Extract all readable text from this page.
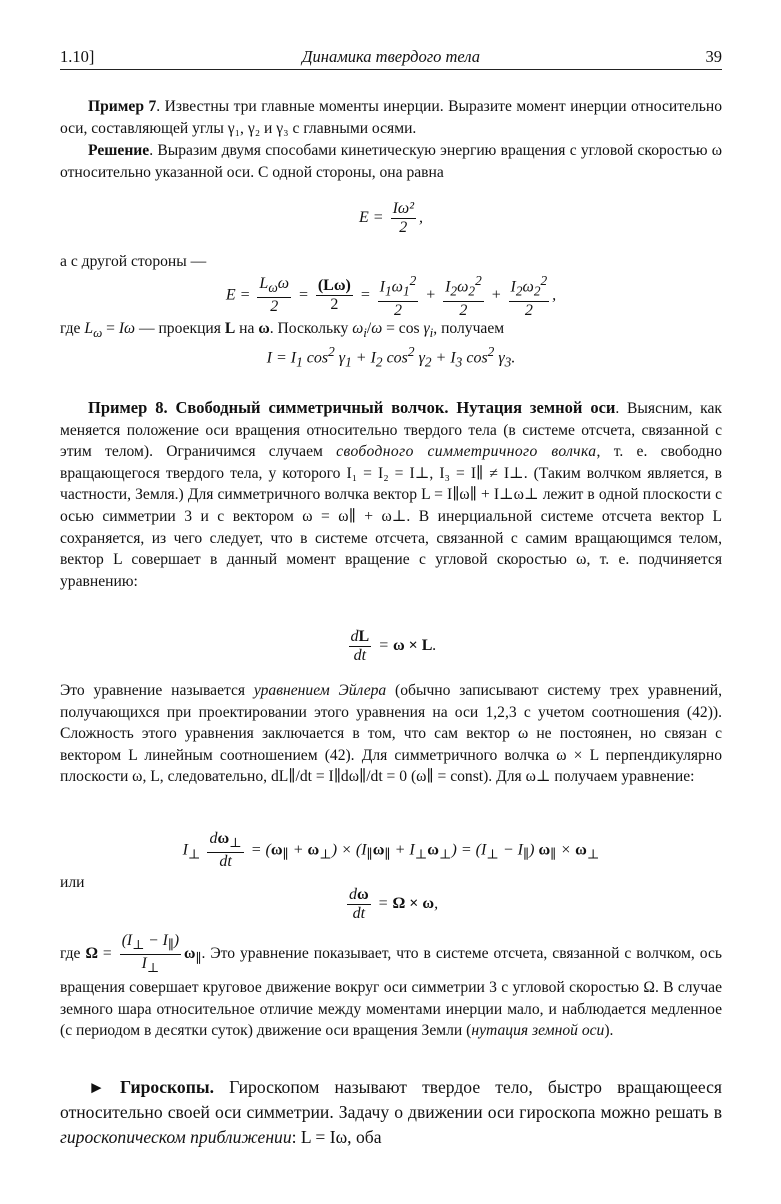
1.10]	Динамика твердого тела	39
Пример 7. Известны три главные моменты инерции. Выразите момент инерции относительно оси, составляющей углы γ₁, γ₂ и γ₃ с главными осями.
Решение. Выразим двумя способами кинетическую энергию вращения с угловой скоростью ω относительно указанной оси. С одной стороны, она равна
$E = \frac{\text{Iω²}}{2}$ ,
а с другой стороны —
$E = \frac{L_\omega\omega}{2} = \frac{(L\omega)}{2} = \frac{I_1\omega_1^2}{2} + \frac{I_2\omega_2^2}{2} + \frac{I_2\omega_2^2}{2}$ ,
где $L_\omega = I\omega$ — проекция L на ω. Поскольку $\omega_i/\omega = \cos \gamma_i$, получаем
$I = I_1$ $\cos^2 \gamma_1 + I_2$ $\cos^2 \gamma_2 + I_3$ $\cos^2 \gamma_3$.
Пример 8. Свободный симметричный волчок. Нутация земной оси. Выясним, как меняется положение оси вращения относительно твердого тела (в системе отсчета, связанной с этим телом). Ограничимся случаем свободного симметричного волчка, т. е. свободно вращающегося твердого тела, у которого I₁ = I₂ = I⊥, I₃ = I∥ ≠ I⊥. (Таким волчком является, в частности, Земля.) Для симметричного волчка вектор L = I∥ω∥ + I⊥ω⊥ лежит в одной плоскости с осью симметрии 3 и с вектором ω = ω∥ + ω⊥. В инерциальной системе отсчета вектор L сохраняется, из чего следует, что в системе отсчета, связанной с самим вращающимся телом, вектор L совершает в данный момент вращение с угловой скоростью ω, т. е. подчиняется уравнению:
$\frac{dL}{dt} = \omega \times L$.
Это уравнение называется уравнением Эйлера (обычно записывают систему трех уравнений, получающихся при проектировании этого уравнения на оси 1,2,3 с учетом соотношения (42)). Сложность этого уравнения заключается в том, что сам вектор ω не постоянен, но связан с вектором L линейным соотношением (42). Для симметричного волчка ω × L перпендикулярно плоскости ω, L, следовательно, dL∥/dt = I∥dω∥/dt = 0 (ω∥ = const). Для ω⊥ получаем уравнение:
$I_\perp \frac{d\omega_\perp}{dt} = (\omega_\parallel + \omega_\perp) \times (I_\parallel\omega_\parallel + I_\perp\omega_\perp) = (I_\perp - I_\parallel) \omega_\parallel \times \omega_\perp$
или
$\frac{d\omega}{dt} = \Omega \times \omega$,
где $\Omega = \frac{(I_\perp - I_\parallel)}{I_\perp} \omega_\parallel$. Это уравнение показывает, что в системе отсчета, связанной с волчком, ось вращения совершает круговое движение вокруг оси симметрии 3 с угловой скоростью Ω. В случае земного шара относительное отличие между моментами инерции мало, и наблюдается медленное (с периодом в десятки суток) движение оси вращения Земли (нутация земной оси).
► Гироскопы. Гироскопом называют твердое тело, быстро вращающееся относительно своей оси симметрии. Задачу о движении оси гироскопа можно решать в гироскопическом приближении: L = Iω, оба
